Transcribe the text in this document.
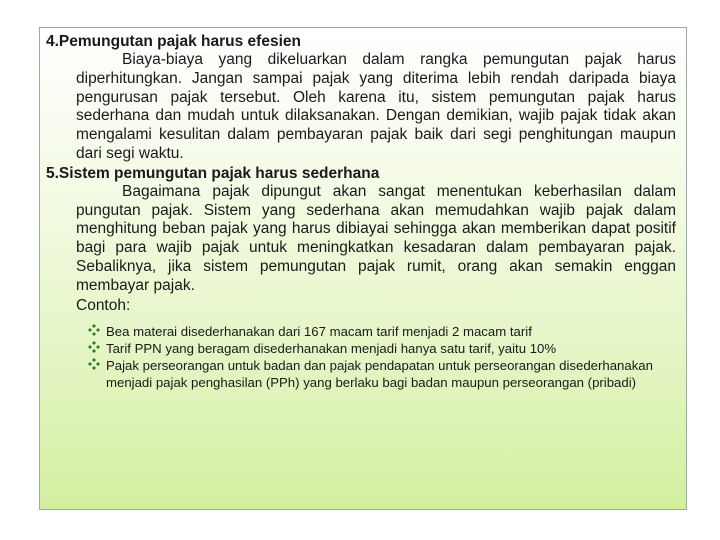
4.Pemungutan pajak harus efesien

Biaya-biaya yang dikeluarkan dalam rangka pemungutan pajak harus diperhitungkan. Jangan sampai pajak yang diterima lebih rendah daripada biaya pengurusan pajak tersebut. Oleh karena itu, sistem pemungutan pajak harus sederhana dan mudah untuk dilaksanakan. Dengan demikian, wajib pajak tidak akan mengalami kesulitan dalam pembayaran pajak baik dari segi penghitungan maupun dari segi waktu.

5.Sistem pemungutan pajak harus sederhana

Bagaimana pajak dipungut akan sangat menentukan keberhasilan dalam pungutan pajak. Sistem yang sederhana akan memudahkan wajib pajak dalam menghitung beban pajak yang harus dibiayai sehingga akan memberikan dapat positif bagi para wajib pajak untuk meningkatkan kesadaran dalam pembayaran pajak. Sebaliknya, jika sistem pemungutan pajak rumit, orang akan semakin enggan membayar pajak.

Contoh:

Bea materai disederhanakan dari 167 macam tarif menjadi 2 macam tarif
Tarif PPN yang beragam disederhanakan menjadi hanya satu tarif, yaitu 10%
Pajak perseorangan untuk badan dan pajak pendapatan untuk perseorangan disederhanakan menjadi pajak penghasilan (PPh) yang berlaku bagi badan maupun perseorangan (pribadi)
